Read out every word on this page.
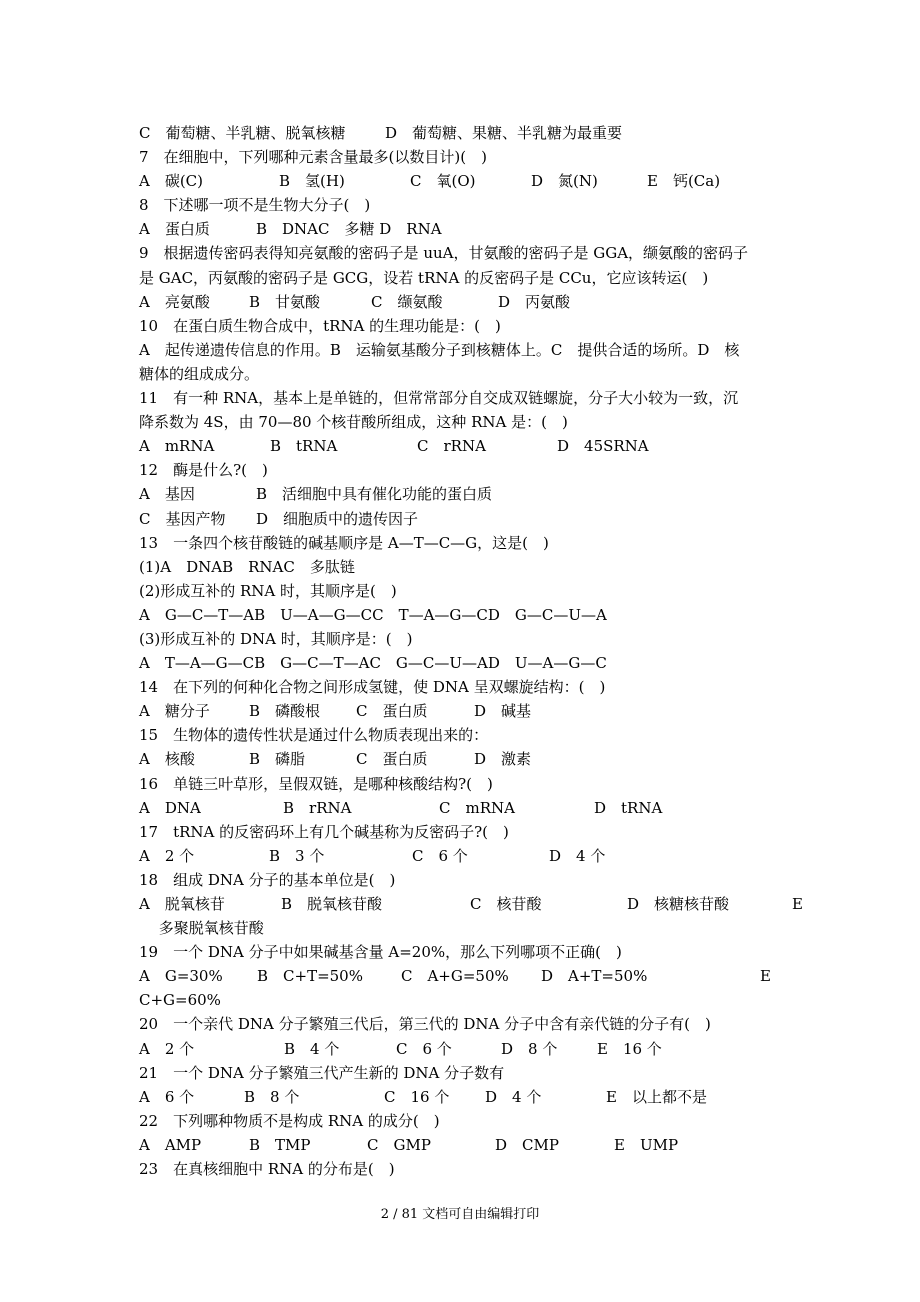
C　葡萄糖、半乳糖、脱氧核糖	D　葡萄糖、果糖、半乳糖为最重要
7　在细胞中，下列哪种元素含量最多(以数目计)(　)
A　碳(C)	B　氢(H)	C　氧(O)	D　氮(N)	E　钙(Ca)
8　下述哪一项不是生物大分子(　)
A　蛋白质	B　DNAC　多糖 D　RNA
9　根据遗传密码表得知亮氨酸的密码子是 uuA，甘氨酸的密码子是 GGA，缬氨酸的密码子
是 GAC，丙氨酸的密码子是 GCG，设若 tRNA 的反密码子是 CCu，它应该转运(　)
A　亮氨酸	B　甘氨酸	C　缬氨酸	D　丙氨酸
10　在蛋白质生物合成中，tRNA 的生理功能是：(　)
A　起传递遗传信息的作用。B　运输氨基酸分子到核糖体上。C　提供合适的场所。D　核
糖体的组成成分。
11　有一种 RNA，基本上是单链的，但常常部分自交成双链螺旋，分子大小较为一致，沉
降系数为 4S，由 70—80 个核苷酸所组成，这种 RNA 是：(　)
A　mRNA	B　tRNA	C　rRNA	D　45SRNA
12　酶是什么?(　)
A　基因	B　活细胞中具有催化功能的蛋白质
C　基因产物 D　细胞质中的遗传因子
13　一条四个核苷酸链的碱基顺序是 A—T—C—G，这是(　)
(1)A　DNAB　RNAC　多肽链
(2)形成互补的 RNA 时，其顺序是(　)
A　G—C—T—AB　U—A—G—CC　T—A—G—CD　G—C—U—A
(3)形成互补的 DNA 时，其顺序是：(　)
A　T—A—G—CB　G—C—T—AC　G—C—U—AD　U—A—G—C
14　在下列的何种化合物之间形成氢键，使 DNA 呈双螺旋结构：(　)
A　糖分子	B　磷酸根 C　蛋白质	D　碱基
15　生物体的遗传性状是通过什么物质表现出来的：
A　核酸	B　磷脂	C　蛋白质	D　激素
16　单链三叶草形，呈假双链，是哪种核酸结构?(　)
A　DNA	B　rRNA	C　mRNA	D　tRNA
17　tRNA 的反密码环上有几个碱基称为反密码子?(　)
A　2 个	B　3 个	C　6 个	D　4 个
18　组成 DNA 分子的基本单位是(　)
A　脱氧核苷	B　脱氧核苷酸	C　核苷酸	D　核糖核苷酸	E
　 多聚脱氧核苷酸
19　一个 DNA 分子中如果碱基含量 A=20%，那么下列哪项不正确(　)
A　G=30% B　C+T=50%	C　A+G=50% D　A+T=50%	E
C+G=60%
20　一个亲代 DNA 分子繁殖三代后，第三代的 DNA 分子中含有亲代链的分子有(　)
A　2 个	B　4 个	C　6 个	D　8 个	E　16 个
21　一个 DNA 分子繁殖三代产生新的 DNA 分子数有
A　6 个	B　8 个	C　16 个 D　4 个	E　以上都不是
22　下列哪种物质不是构成 RNA 的成分(　)
A　AMP	B　TMP	C　GMP	D　CMP	E　UMP
23　在真核细胞中 RNA 的分布是(　)
2 / 81 文档可自由编辑打印
